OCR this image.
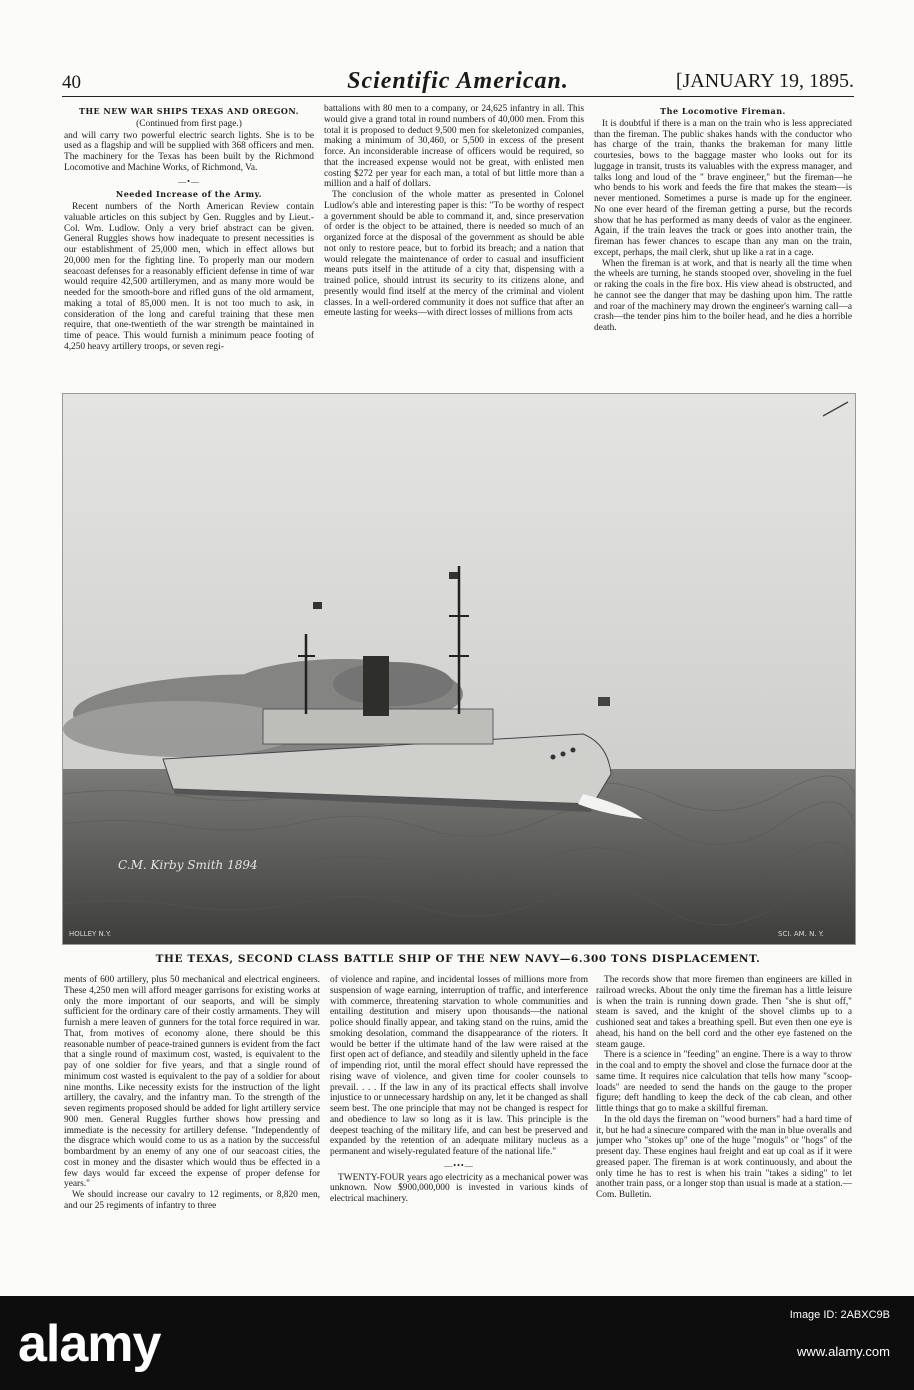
40	Scientific American.	[JANUARY 19, 1895.

THE NEW WAR SHIPS TEXAS AND OREGON.

(Continued from first page.)

and will carry two powerful electric search lights. She is to be used as a flagship and will be supplied with 368 officers and men. The machinery for the Texas has been built by the Richmond Locomotive and Machine Works, of Richmond, Va.

—•—

Needed Increase of the Army.

Recent numbers of the North American Review contain valuable articles on this subject by Gen. Ruggles and by Lieut.-Col. Wm. Ludlow. Only a very brief abstract can be given. General Ruggles shows how inadequate to present necessities is our establishment of 25,000 men, which in effect allows but 20,000 men for the fighting line. To properly man our modern seacoast defenses for a reasonably efficient defense in time of war would require 42,500 artillerymen, and as many more would be needed for the smooth-bore and rifled guns of the old armament, making a total of 85,000 men. It is not too much to ask, in consideration of the long and careful training that these men require, that one-twentieth of the war strength be maintained in time of peace. This would furnish a minimum peace footing of 4,250 heavy artillery troops, or seven regi-

battalions with 80 men to a company, or 24,625 infantry in all. This would give a grand total in round numbers of 40,000 men. From this total it is proposed to deduct 9,500 men for skeletonized companies, making a minimum of 30,460, or 5,500 in excess of the present force. An inconsiderable increase of officers would be required, so that the increased expense would not be great, with enlisted men costing $272 per year for each man, a total of but little more than a million and a half of dollars.

The conclusion of the whole matter as presented in Colonel Ludlow's able and interesting paper is this: "To be worthy of respect a government should be able to command it, and, since preservation of order is the object to be attained, there is needed so much of an organized force at the disposal of the government as should be able not only to restore peace, but to forbid its breach; and a nation that would relegate the maintenance of order to casual and insufficient means puts itself in the attitude of a city that, dispensing with a trained police, should intrust its security to its citizens alone, and presently would find itself at the mercy of the criminal and violent classes. In a well-ordered community it does not suffice that after an emeute lasting for weeks—with direct losses of millions from acts

The Locomotive Fireman.

It is doubtful if there is a man on the train who is less appreciated than the fireman. The public shakes hands with the conductor who has charge of the train, thanks the brakeman for many little courtesies, bows to the baggage master who looks out for its luggage in transit, trusts its valuables with the express manager, and talks long and loud of the " brave engineer," but the fireman—he who bends to his work and feeds the fire that makes the steam—is never mentioned. Sometimes a purse is made up for the engineer. No one ever heard of the fireman getting a purse, but the records show that he has performed as many deeds of valor as the engineer. Again, if the train leaves the track or goes into another train, the fireman has fewer chances to escape than any man on the train, except, perhaps, the mail clerk, shut up like a rat in a cage.

When the fireman is at work, and that is nearly all the time when the wheels are turning, he stands stooped over, shoveling in the fuel or raking the coals in the fire box. His view ahead is obstructed, and he cannot see the danger that may be dashing upon him. The rattle and roar of the machinery may drown the engineer's warning call—a crash—the tender pins him to the boiler head, and he dies a horrible death.

C.M. Kirby Smith 1894
HOLLEY N.Y.	SCI. AM. N. Y.
THE TEXAS, SECOND CLASS BATTLE SHIP OF THE NEW NAVY—6.300 TONS DISPLACEMENT.

ments of 600 artillery, plus 50 mechanical and electrical engineers. These 4,250 men will afford meager garrisons for existing works at only the more important of our seaports, and will be simply sufficient for the ordinary care of their costly armaments. They will furnish a mere leaven of gunners for the total force required in war. That, from motives of economy alone, there should be this reasonable number of peace-trained gunners is evident from the fact that a single round of maximum cost, wasted, is equivalent to the pay of one soldier for five years, and that a single round of minimum cost wasted is equivalent to the pay of a soldier for about nine months. Like necessity exists for the instruction of the light artillery, the cavalry, and the infantry man. To the strength of the seven regiments proposed should be added for light artillery service 900 men. General Ruggles further shows how pressing and immediate is the necessity for artillery defense. "Independently of the disgrace which would come to us as a nation by the successful bombardment by an enemy of any one of our seacoast cities, the cost in money and the disaster which would thus be effected in a few days would far exceed the expense of proper defense for years."

We should increase our cavalry to 12 regiments, or 8,820 men, and our 25 regiments of infantry to three

of violence and rapine, and incidental losses of millions more from suspension of wage earning, interruption of traffic, and interference with commerce, threatening starvation to whole communities and entailing destitution and misery upon thousands—the national police should finally appear, and taking stand on the ruins, amid the smoking desolation, command the disappearance of the rioters. It would be better if the ultimate hand of the law were raised at the first open act of defiance, and steadily and silently upheld in the face of impending riot, until the moral effect should have repressed the rising wave of violence, and given time for cooler counsels to prevail. . . . If the law in any of its practical effects shall involve injustice to or unnecessary hardship on any, let it be changed as shall seem best. The one principle that may not be changed is respect for and obedience to law so long as it is law. This principle is the deepest teaching of the military life, and can best be preserved and expanded by the retention of an adequate military nucleus as a permanent and wisely-regulated feature of the national life."

—•••—

TWENTY-FOUR years ago electricity as a mechanical power was unknown. Now $900,000,000 is invested in various kinds of electrical machinery.

The records show that more firemen than engineers are killed in railroad wrecks. About the only time the fireman has a little leisure is when the train is running down grade. Then "she is shut off," steam is saved, and the knight of the shovel climbs up to a cushioned seat and takes a breathing spell. But even then one eye is ahead, his hand on the bell cord and the other eye fastened on the steam gauge.

There is a science in "feeding" an engine. There is a way to throw in the coal and to empty the shovel and close the furnace door at the same time. It requires nice calculation that tells how many "scoop-loads" are needed to send the hands on the gauge to the proper figure; deft handling to keep the deck of the cab clean, and other little things that go to make a skillful fireman.

In the old days the fireman on "wood burners" had a hard time of it, but he had a sinecure compared with the man in blue overalls and jumper who "stokes up" one of the huge "moguls" or "hogs" of the present day. These engines haul freight and eat up coal as if it were greased paper. The fireman is at work continuously, and about the only time he has to rest is when his train "takes a siding" to let another train pass, or a longer stop than usual is made at a station.—Com. Bulletin.

alamy	Image ID: 2ABXC9B
www.alamy.com
